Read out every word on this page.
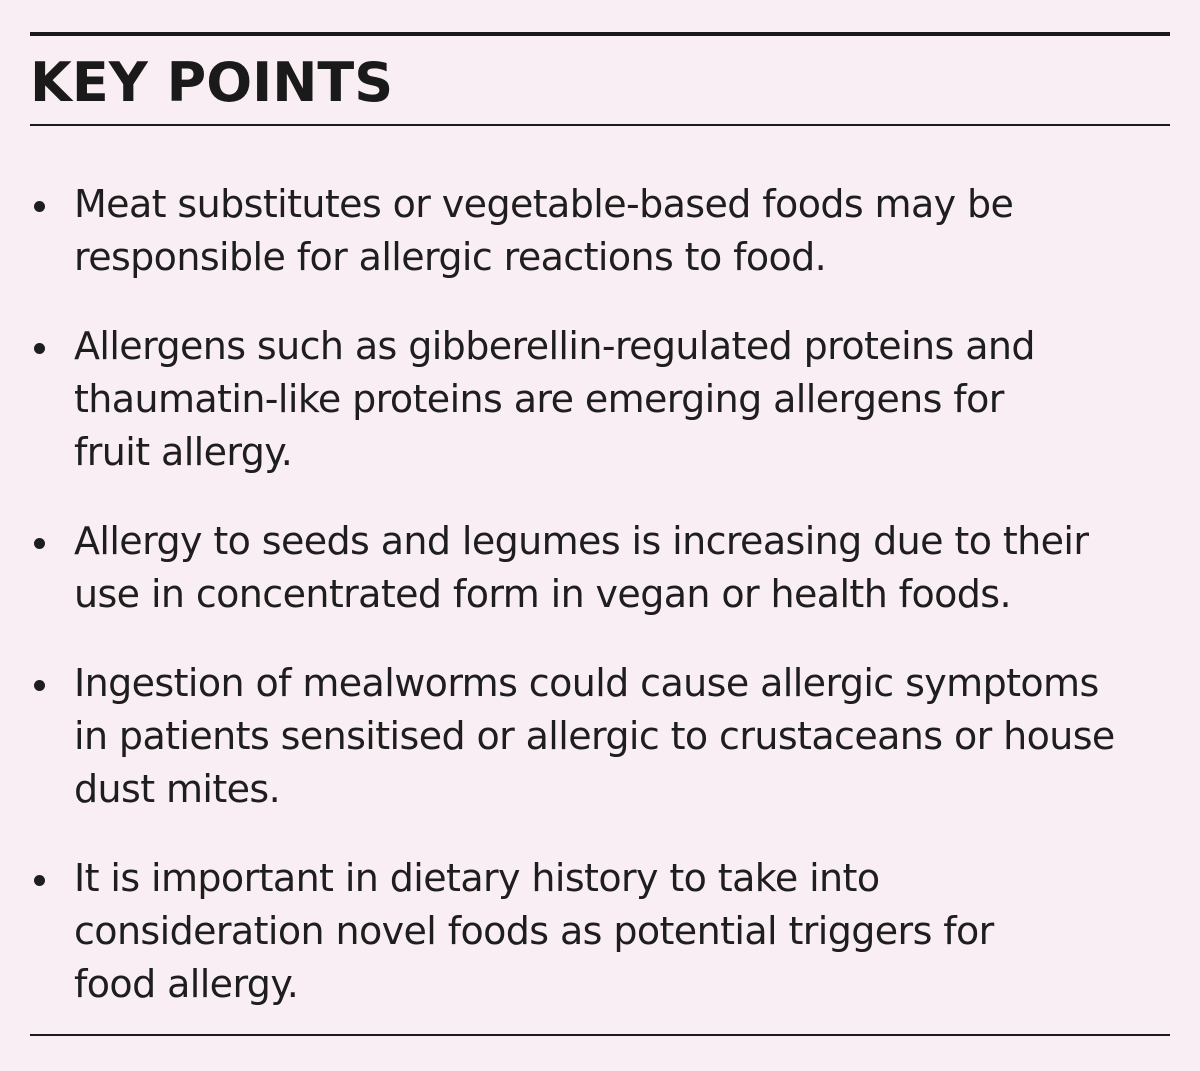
KEY POINTS
Meat substitutes or vegetable-based foods may be
responsible for allergic reactions to food.
Allergens such as gibberellin-regulated proteins and
thaumatin-like proteins are emerging allergens for
fruit allergy.
Allergy to seeds and legumes is increasing due to their
use in concentrated form in vegan or health foods.
Ingestion of mealworms could cause allergic symptoms
in patients sensitised or allergic to crustaceans or house
dust mites.
It is important in dietary history to take into
consideration novel foods as potential triggers for
food allergy.
